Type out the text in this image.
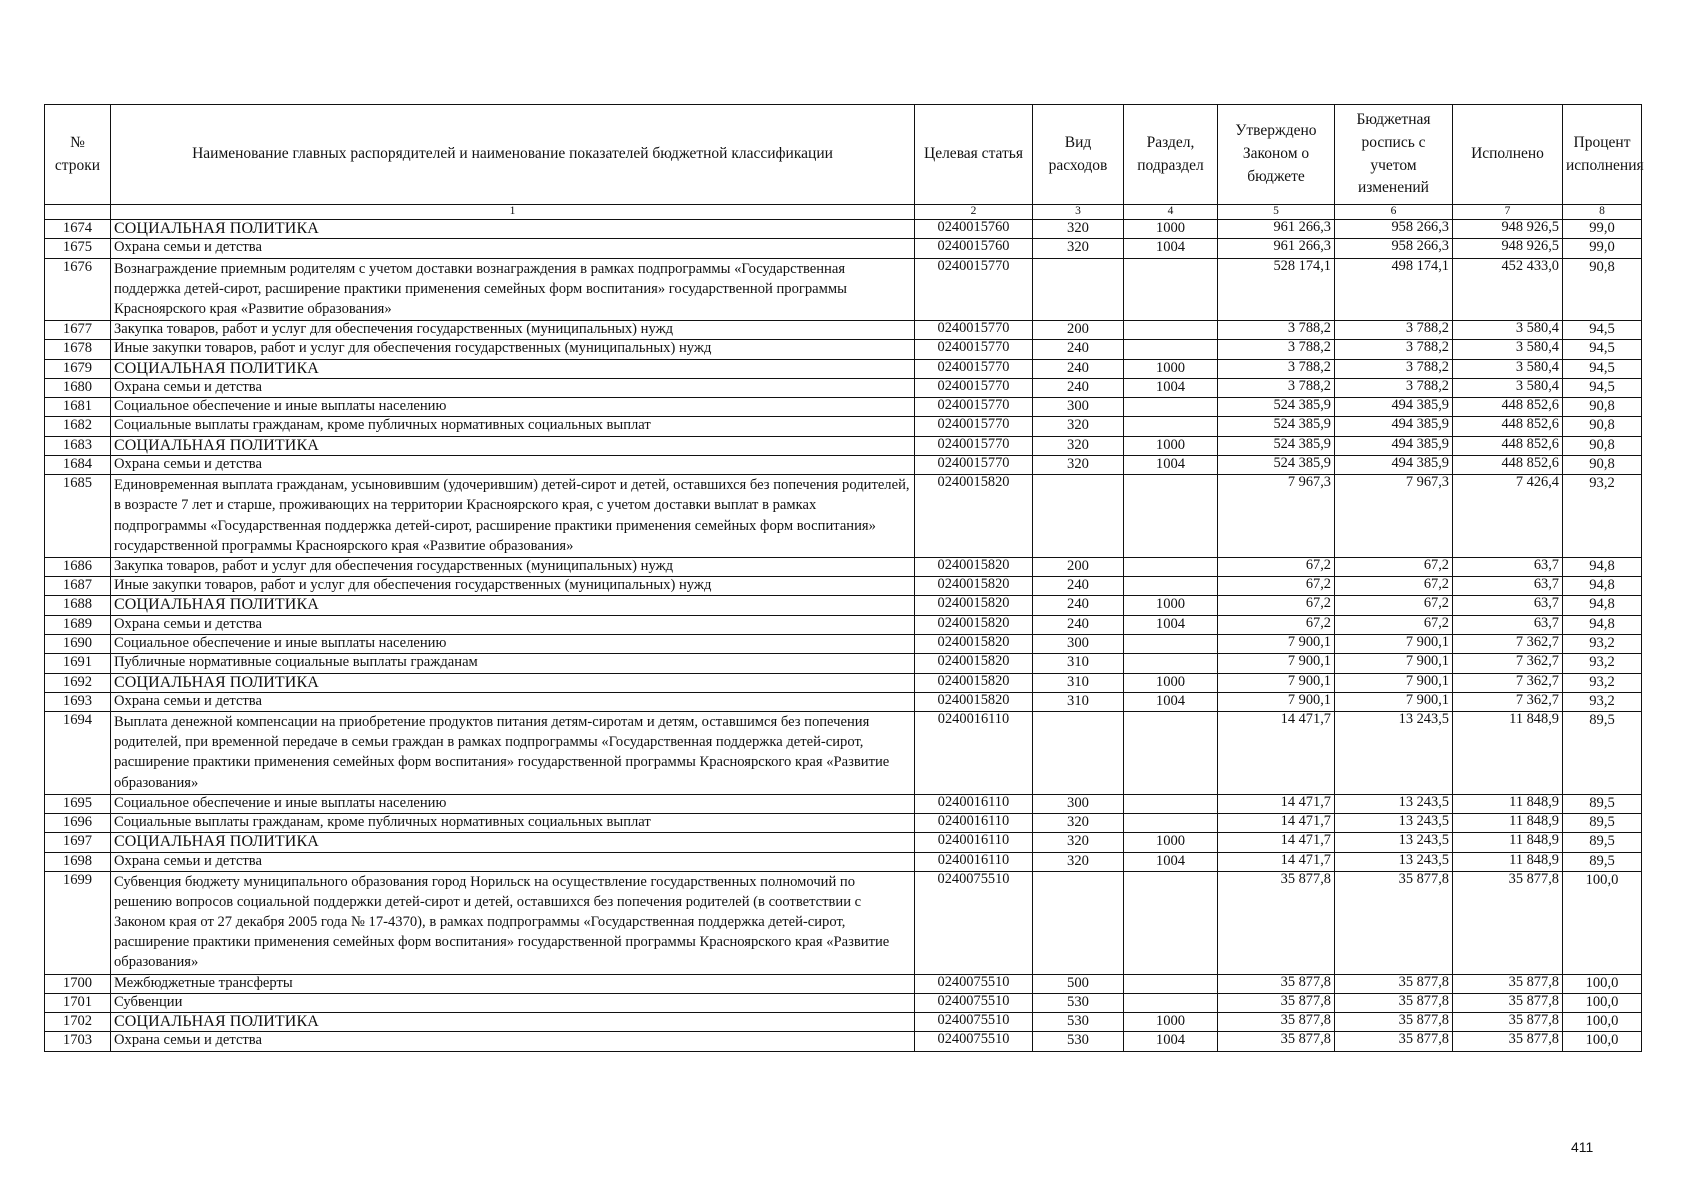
№ строки	Наименование главных распорядителей и наименование показателей бюджетной классификации	Целевая статья	Вид расходов	Раздел, подраздел	Утверждено Законом о бюджете	Бюджетная роспись с учетом изменений	Исполнено	Процент исполнения
	1	2	3	4	5	6	7	8
1674	СОЦИАЛЬНАЯ ПОЛИТИКА	0240015760	320	1000	961 266,3	958 266,3	948 926,5	99,0
1675	Охрана семьи и детства	0240015760	320	1004	961 266,3	958 266,3	948 926,5	99,0
1676	Вознаграждение приемным родителям с учетом доставки вознаграждения в рамках подпрограммы «Государственная поддержка детей-сирот, расширение практики применения семейных форм воспитания» государственной программы Красноярского края «Развитие образования»	0240015770			528 174,1	498 174,1	452 433,0	90,8
1677	Закупка товаров, работ и услуг для обеспечения государственных (муниципальных) нужд	0240015770	200		3 788,2	3 788,2	3 580,4	94,5
1678	Иные закупки товаров, работ и услуг для обеспечения государственных (муниципальных) нужд	0240015770	240		3 788,2	3 788,2	3 580,4	94,5
1679	СОЦИАЛЬНАЯ ПОЛИТИКА	0240015770	240	1000	3 788,2	3 788,2	3 580,4	94,5
1680	Охрана семьи и детства	0240015770	240	1004	3 788,2	3 788,2	3 580,4	94,5
1681	Социальное обеспечение и иные выплаты населению	0240015770	300		524 385,9	494 385,9	448 852,6	90,8
1682	Социальные выплаты гражданам, кроме публичных нормативных социальных выплат	0240015770	320		524 385,9	494 385,9	448 852,6	90,8
1683	СОЦИАЛЬНАЯ ПОЛИТИКА	0240015770	320	1000	524 385,9	494 385,9	448 852,6	90,8
1684	Охрана семьи и детства	0240015770	320	1004	524 385,9	494 385,9	448 852,6	90,8
1685	Единовременная выплата гражданам, усыновившим (удочерившим) детей-сирот и детей, оставшихся без попечения родителей, в возрасте 7 лет и старше, проживающих на территории Красноярского края, с учетом доставки выплат в рамках подпрограммы «Государственная поддержка детей-сирот, расширение практики применения семейных форм воспитания» государственной программы Красноярского края «Развитие образования»	0240015820			7 967,3	7 967,3	7 426,4	93,2
1686	Закупка товаров, работ и услуг для обеспечения государственных (муниципальных) нужд	0240015820	200		67,2	67,2	63,7	94,8
1687	Иные закупки товаров, работ и услуг для обеспечения государственных (муниципальных) нужд	0240015820	240		67,2	67,2	63,7	94,8
1688	СОЦИАЛЬНАЯ ПОЛИТИКА	0240015820	240	1000	67,2	67,2	63,7	94,8
1689	Охрана семьи и детства	0240015820	240	1004	67,2	67,2	63,7	94,8
1690	Социальное обеспечение и иные выплаты населению	0240015820	300		7 900,1	7 900,1	7 362,7	93,2
1691	Публичные нормативные социальные выплаты гражданам	0240015820	310		7 900,1	7 900,1	7 362,7	93,2
1692	СОЦИАЛЬНАЯ ПОЛИТИКА	0240015820	310	1000	7 900,1	7 900,1	7 362,7	93,2
1693	Охрана семьи и детства	0240015820	310	1004	7 900,1	7 900,1	7 362,7	93,2
1694	Выплата денежной компенсации на приобретение продуктов питания детям-сиротам и детям, оставшимся без попечения родителей, при временной передаче в семьи граждан в рамках подпрограммы «Государственная поддержка детей-сирот, расширение практики применения семейных форм воспитания» государственной программы Красноярского края «Развитие образования»	0240016110			14 471,7	13 243,5	11 848,9	89,5
1695	Социальное обеспечение и иные выплаты населению	0240016110	300		14 471,7	13 243,5	11 848,9	89,5
1696	Социальные выплаты гражданам, кроме публичных нормативных социальных выплат	0240016110	320		14 471,7	13 243,5	11 848,9	89,5
1697	СОЦИАЛЬНАЯ ПОЛИТИКА	0240016110	320	1000	14 471,7	13 243,5	11 848,9	89,5
1698	Охрана семьи и детства	0240016110	320	1004	14 471,7	13 243,5	11 848,9	89,5
1699	Субвенция бюджету муниципального образования город Норильск на осуществление государственных полномочий по решению вопросов социальной поддержки детей-сирот и детей, оставшихся без попечения родителей (в соответствии с Законом края от 27 декабря 2005 года № 17-4370), в рамках подпрограммы «Государственная поддержка детей-сирот, расширение практики применения семейных форм воспитания» государственной программы Красноярского края «Развитие образования»	0240075510			35 877,8	35 877,8	35 877,8	100,0
1700	Межбюджетные трансферты	0240075510	500		35 877,8	35 877,8	35 877,8	100,0
1701	Субвенции	0240075510	530		35 877,8	35 877,8	35 877,8	100,0
1702	СОЦИАЛЬНАЯ ПОЛИТИКА	0240075510	530	1000	35 877,8	35 877,8	35 877,8	100,0
1703	Охрана семьи и детства	0240075510	530	1004	35 877,8	35 877,8	35 877,8	100,0
411
